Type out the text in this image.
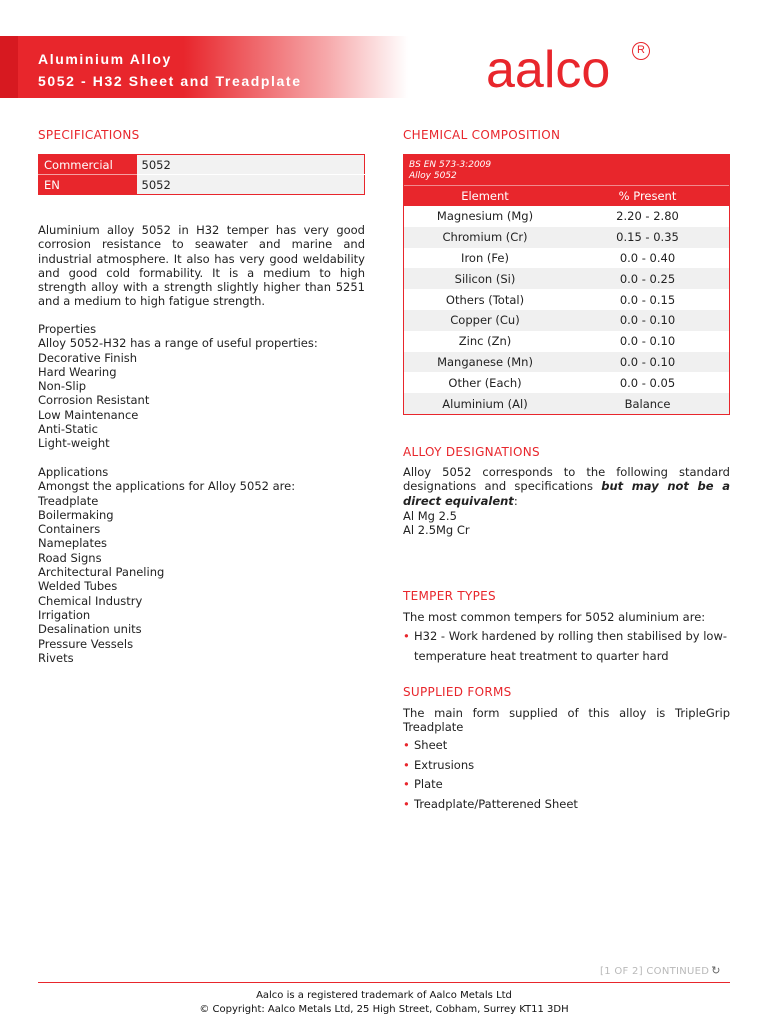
Aluminium Alloy
5052 - H32 Sheet and Treadplate	aalco	R
SPECIFICATIONS
Commercial	5052
EN	5052
Aluminium alloy 5052 in H32 temper has very good corrosion resistance to seawater and marine and industrial atmosphere. It also has very good weldability and good cold formability. It is a medium to high strength alloy with a strength slightly higher than 5251 and a medium to high fatigue strength.
Properties
Alloy 5052-H32 has a range of useful properties:
Decorative Finish
Hard Wearing
Non-Slip
Corrosion Resistant
Low Maintenance
Anti-Static
Light-weight
Applications
Amongst the applications for Alloy 5052 are:
Treadplate
Boilermaking
Containers
Nameplates
Road Signs
Architectural Paneling
Welded Tubes
Chemical Industry
Irrigation
Desalination units
Pressure Vessels
Rivets
CHEMICAL COMPOSITION
BS EN 573-3:2009
Alloy 5052
Element	% Present
Magnesium (Mg)	2.20 - 2.80
Chromium (Cr)	0.15 - 0.35
Iron (Fe)	0.0 - 0.40
Silicon (Si)	0.0 - 0.25
Others (Total)	0.0 - 0.15
Copper (Cu)	0.0 - 0.10
Zinc (Zn)	0.0 - 0.10
Manganese (Mn)	0.0 - 0.10
Other (Each)	0.0 - 0.05
Aluminium (Al)	Balance
ALLOY DESIGNATIONS
Alloy 5052 corresponds to the following standard designations and specifications but may not be a direct equivalent:
Al Mg 2.5
Al 2.5Mg Cr
TEMPER TYPES
The most common tempers for 5052 aluminium are:
• H32 - Work hardened by rolling then stabilised by low-temperature heat treatment to quarter hard
SUPPLIED FORMS
The main form supplied of this alloy is TripleGrip Treadplate
• Sheet
• Extrusions
• Plate
• Treadplate/Patterened Sheet
[1 OF 2] CONTINUED ↻
Aalco is a registered trademark of Aalco Metals Ltd
© Copyright: Aalco Metals Ltd, 25 High Street, Cobham, Surrey KT11 3DH
